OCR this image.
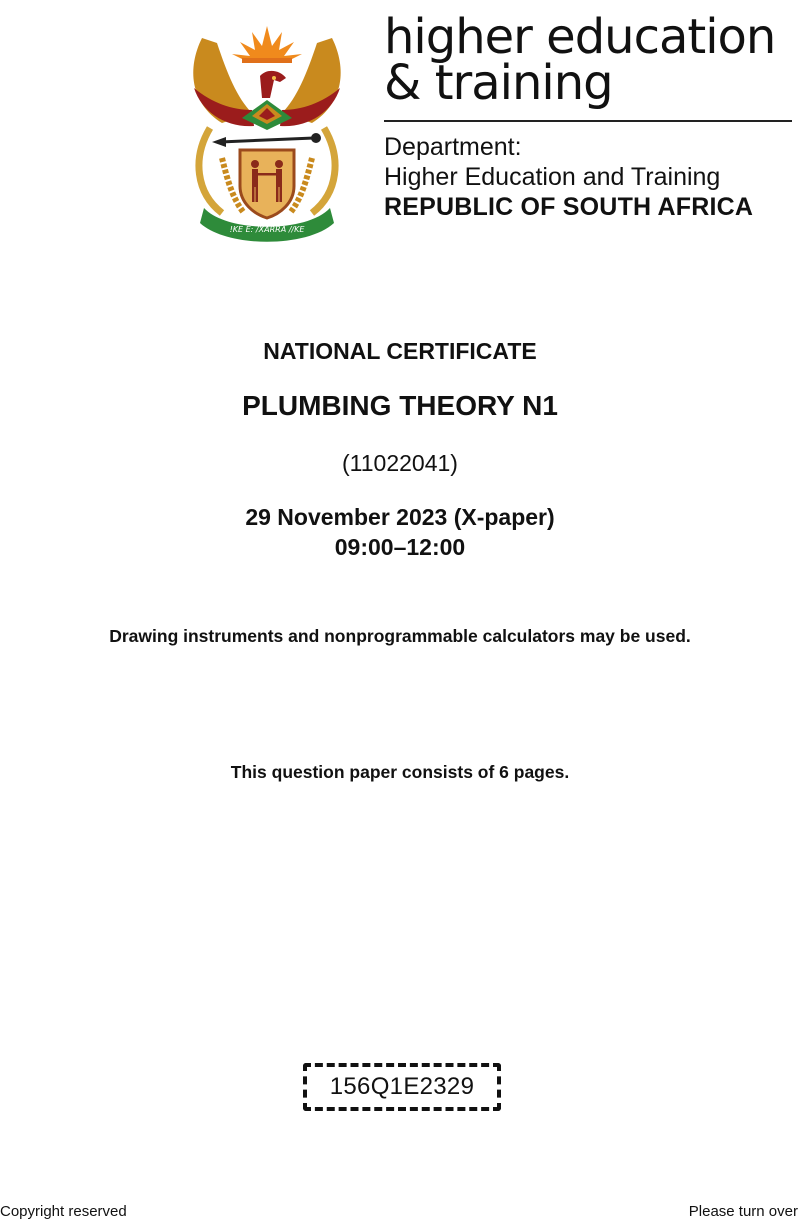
!KE E: /XARRA //KE
higher education
& training
Department:
Higher Education and Training
REPUBLIC OF SOUTH AFRICA
NATIONAL CERTIFICATE
PLUMBING THEORY N1
(11022041)
29 November 2023 (X-paper)
09:00–12:00
Drawing instruments and nonprogrammable calculators may be used.
This question paper consists of 6 pages.
156Q1E2329
Copyright reserved	Please turn over
